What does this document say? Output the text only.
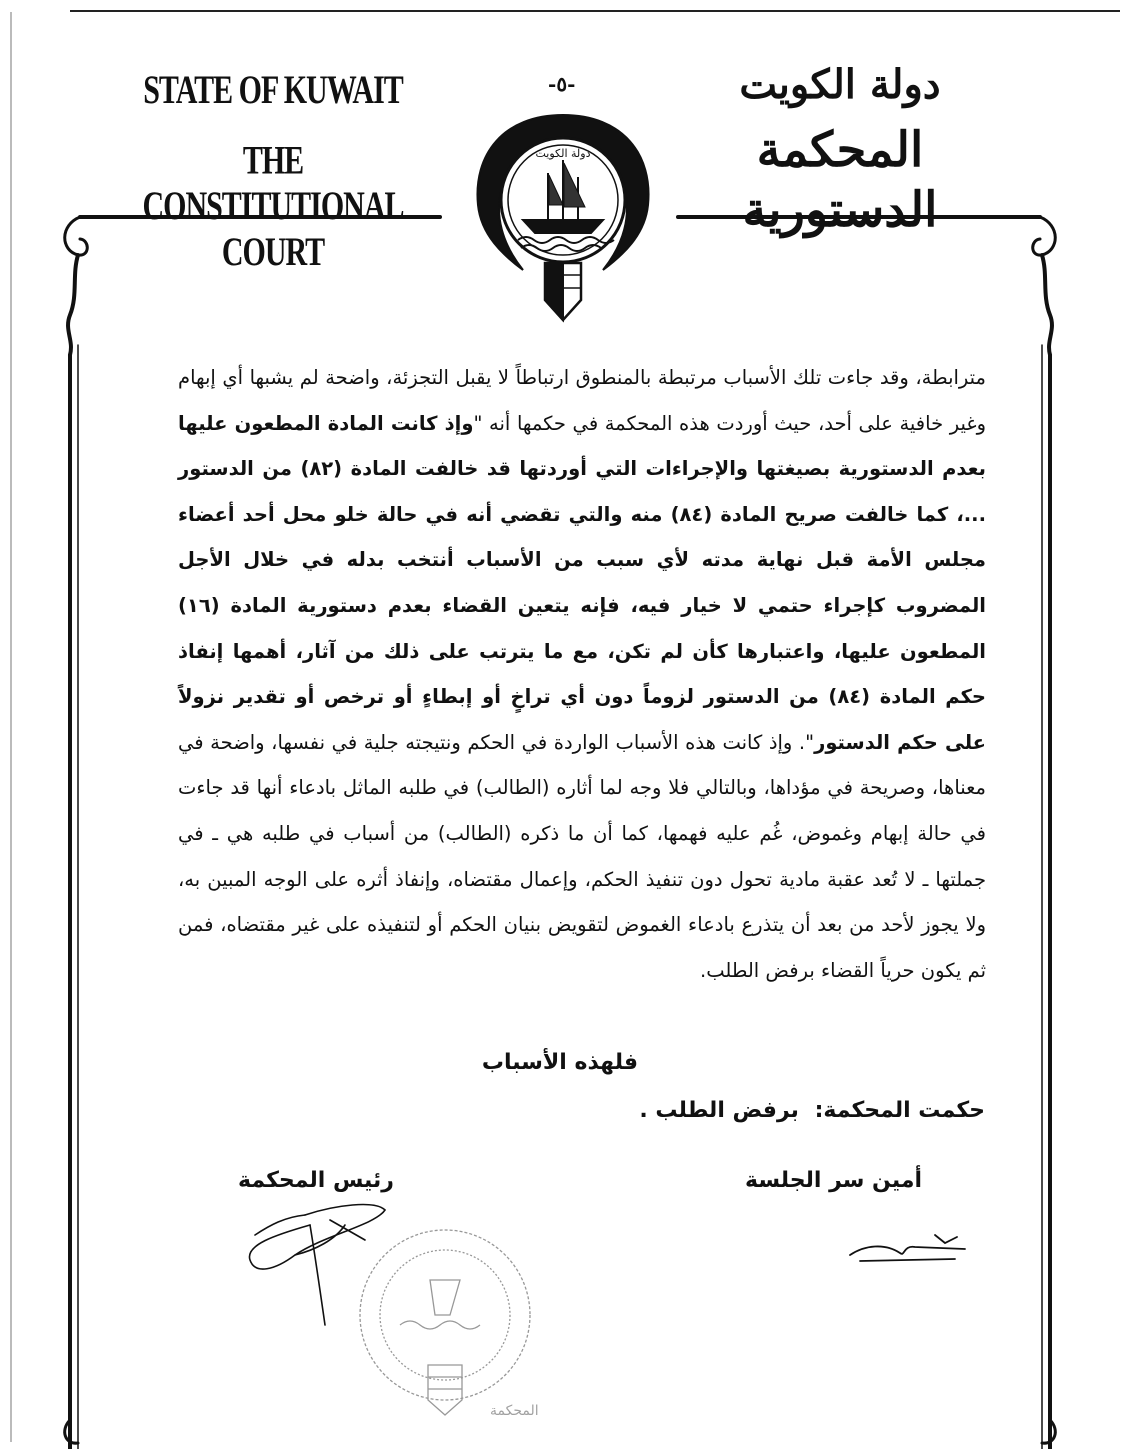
STATE OF KUWAIT
THE CONSTITUTIONAL COURT
-٥-	دولة الكويت
المحكمة الدستورية
دولة الكويت
مترابطة، وقد جاءت تلك الأسباب مرتبطة بالمنطوق ارتباطاً لا يقبل التجزئة، واضحة لم يشبها أي إبهام وغير خافية على أحد، حيث أوردت هذه المحكمة في حكمها أنه "وإذ كانت المادة المطعون عليها بعدم الدستورية بصيغتها والإجراءات التي أوردتها قد خالفت المادة (٨٢) من الدستور ...، كما خالفت صريح المادة (٨٤) منه والتي تقضي أنه في حالة خلو محل أحد أعضاء مجلس الأمة قبل نهاية مدته لأي سبب من الأسباب أنتخب بدله في خلال الأجل المضروب كإجراء حتمي لا خيار فيه، فإنه يتعين القضاء بعدم دستورية المادة (١٦) المطعون عليها، واعتبارها كأن لم تكن، مع ما يترتب على ذلك من آثار، أهمها إنفاذ حكم المادة (٨٤) من الدستور لزوماً دون أي تراخٍ أو إبطاءٍ أو ترخص أو تقدير نزولاً على حكم الدستور". وإذ كانت هذه الأسباب الواردة في الحكم ونتيجته جلية في نفسها، واضحة في معناها، وصريحة في مؤداها، وبالتالي فلا وجه لما أثاره (الطالب) في طلبه الماثل بادعاء أنها قد جاءت في حالة إبهام وغموض، غُم عليه فهمها، كما أن ما ذكره (الطالب) من أسباب في طلبه هي ـ في جملتها ـ لا تُعد عقبة مادية تحول دون تنفيذ الحكم، وإعمال مقتضاه، وإنفاذ أثره على الوجه المبين به، ولا يجوز لأحد من بعد أن يتذرع بادعاء الغموض لتقويض بنيان الحكم أو لتنفيذه على غير مقتضاه، فمن ثم يكون حرياً القضاء برفض الطلب.
فلهذه الأسباب
حكمت المحكمة: برفض الطلب .
رئيس المحكمة	أمين سر الجلسة
المحكمة
